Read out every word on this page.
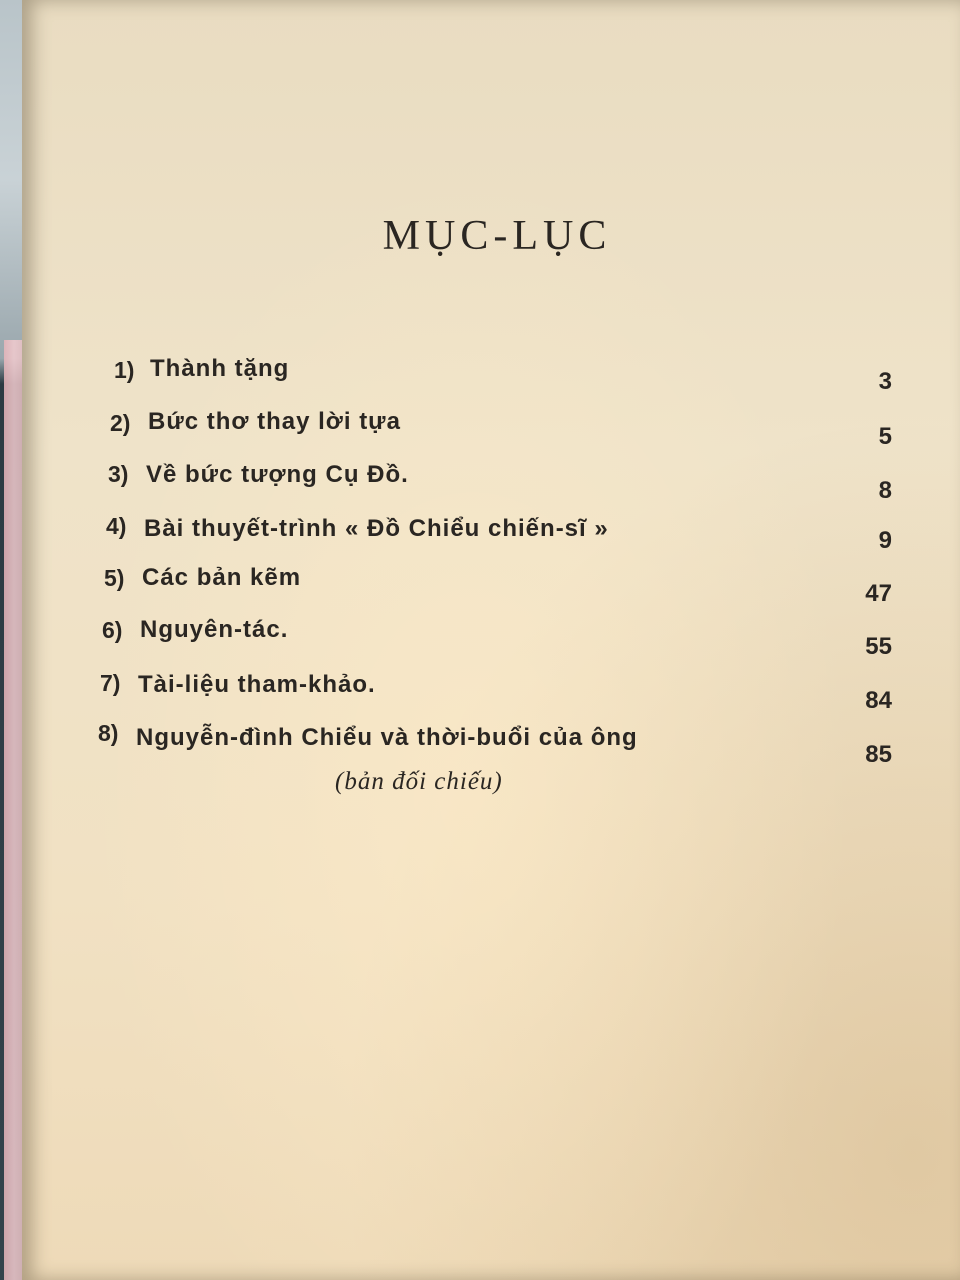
MỤC-LỤC
1) Thành tặng	3
2) Bức thơ thay lời tựa
5
3) Về bức tượng Cụ Đồ.
8
4) Bài thuyết-trình « Đồ Chiểu chiến-sĩ »	9
5) Các bản kẽm
47
6) Nguyên-tác.
55
7) Tài-liệu tham-khảo.
84
8) Nguyễn-đình Chiểu và thời-buổi của ông
85
(bản đối chiếu)
